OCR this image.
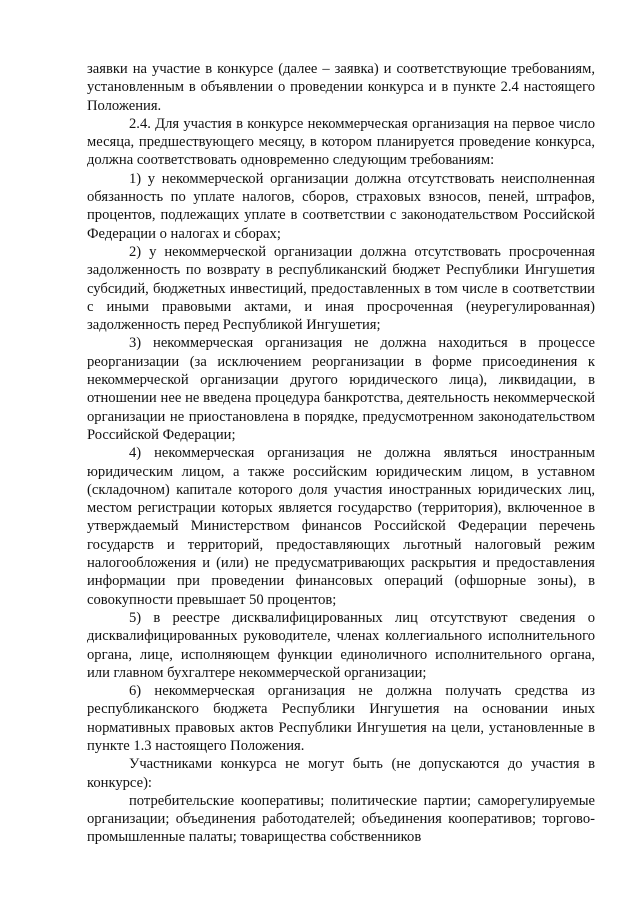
заявки на участие в конкурсе (далее – заявка) и соответствующие требованиям, установленным в объявлении о проведении конкурса и в пункте 2.4 настоящего Положения.

2.4. Для участия в конкурсе некоммерческая организация на первое число месяца, предшествующего месяцу, в котором планируется проведение конкурса, должна соответствовать одновременно следующим требованиям:

1) у некоммерческой организации должна отсутствовать неисполненная обязанность по уплате налогов, сборов, страховых взносов, пеней, штрафов, процентов, подлежащих уплате в соответствии с законодательством Российской Федерации о налогах и сборах;

2) у некоммерческой организации должна отсутствовать просроченная задолженность по возврату в республиканский бюджет Республики Ингушетия субсидий, бюджетных инвестиций, предоставленных в том числе в соответствии с иными правовыми актами, и иная просроченная (неурегулированная) задолженность перед Республикой Ингушетия;

3) некоммерческая организация не должна находиться в процессе реорганизации (за исключением реорганизации в форме присоединения к некоммерческой организации другого юридического лица), ликвидации, в отношении нее не введена процедура банкротства, деятельность некоммерческой организации не приостановлена в порядке, предусмотренном законодательством Российской Федерации;

4) некоммерческая организация не должна являться иностранным юридическим лицом, а также российским юридическим лицом, в уставном (складочном) капитале которого доля участия иностранных юридических лиц, местом регистрации которых является государство (территория), включенное в утверждаемый Министерством финансов Российской Федерации перечень государств и территорий, предоставляющих льготный налоговый режим налогообложения и (или) не предусматривающих раскрытия и предоставления информации при проведении финансовых операций (офшорные зоны), в совокупности превышает 50 процентов;

5) в реестре дисквалифицированных лиц отсутствуют сведения о дисквалифицированных руководителе, членах коллегиального исполнительного органа, лице, исполняющем функции единоличного исполнительного органа, или главном бухгалтере некоммерческой организации;

6) некоммерческая организация не должна получать средства из республиканского бюджета Республики Ингушетия на основании иных нормативных правовых актов Республики Ингушетия на цели, установленные в пункте 1.3 настоящего Положения.

Участниками конкурса не могут быть (не допускаются до участия в конкурсе):

потребительские кооперативы; политические партии; саморегулируемые организации; объединения работодателей; объединения кооперативов; торгово-промышленные палаты; товарищества собственников
